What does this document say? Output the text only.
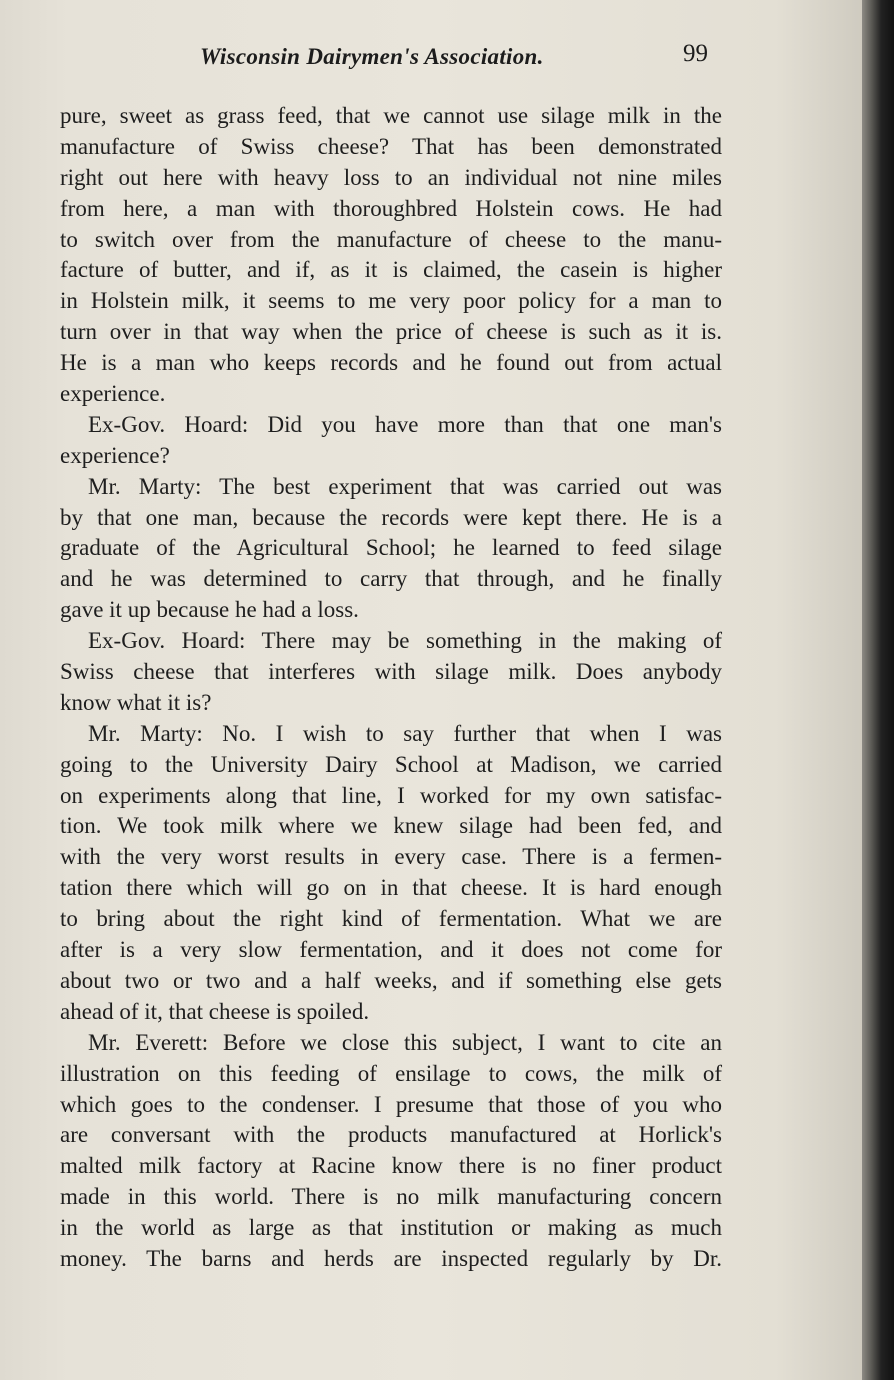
Wisconsin Dairymen's Association.	99
pure, sweet as grass feed, that we cannot use silage milk in the
manufacture of Swiss cheese? That has been demonstrated
right out here with heavy loss to an individual not nine miles
from here, a man with thoroughbred Holstein cows. He had
to switch over from the manufacture of cheese to the manu-
facture of butter, and if, as it is claimed, the casein is higher
in Holstein milk, it seems to me very poor policy for a man to
turn over in that way when the price of cheese is such as it is.
He is a man who keeps records and he found out from actual
experience.
Ex-Gov. Hoard: Did you have more than that one man's
experience?
Mr. Marty: The best experiment that was carried out was
by that one man, because the records were kept there. He is a
graduate of the Agricultural School; he learned to feed silage
and he was determined to carry that through, and he finally
gave it up because he had a loss.
Ex-Gov. Hoard: There may be something in the making of
Swiss cheese that interferes with silage milk. Does anybody
know what it is?
Mr. Marty: No. I wish to say further that when I was
going to the University Dairy School at Madison, we carried
on experiments along that line, I worked for my own satisfac-
tion. We took milk where we knew silage had been fed, and
with the very worst results in every case. There is a fermen-
tation there which will go on in that cheese. It is hard enough
to bring about the right kind of fermentation. What we are
after is a very slow fermentation, and it does not come for
about two or two and a half weeks, and if something else gets
ahead of it, that cheese is spoiled.
Mr. Everett: Before we close this subject, I want to cite an
illustration on this feeding of ensilage to cows, the milk of
which goes to the condenser. I presume that those of you who
are conversant with the products manufactured at Horlick's
malted milk factory at Racine know there is no finer product
made in this world. There is no milk manufacturing concern
in the world as large as that institution or making as much
money. The barns and herds are inspected regularly by Dr.
